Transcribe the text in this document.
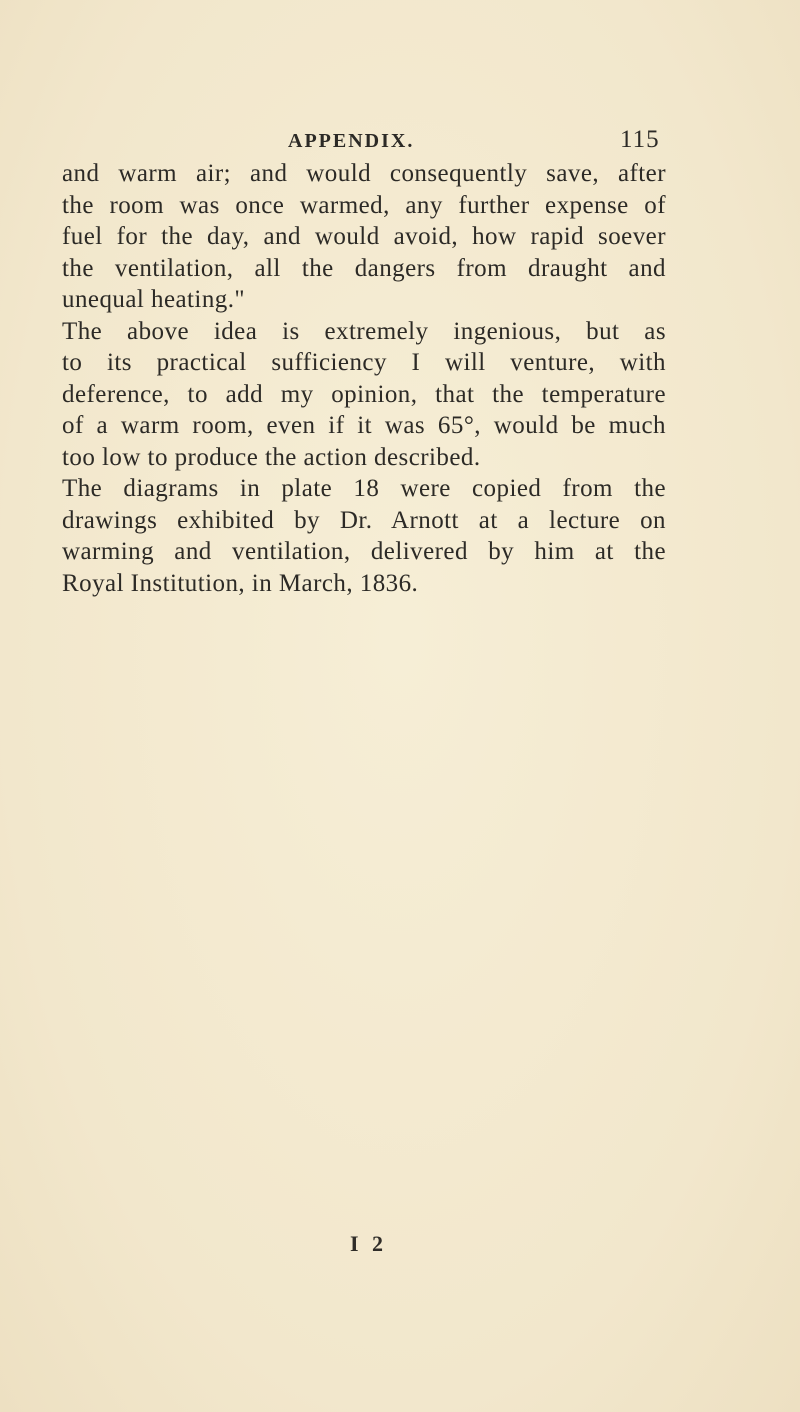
APPENDIX.	115
and warm air; and would consequently save, after
the room was once warmed, any further expense of
fuel for the day, and would avoid, how rapid soever
the ventilation, all the dangers from draught and
unequal heating."
The above idea is extremely ingenious, but as
to its practical sufficiency I will venture, with
deference, to add my opinion, that the temperature
of a warm room, even if it was 65°, would be much
too low to produce the action described.
The diagrams in plate 18 were copied from the
drawings exhibited by Dr. Arnott at a lecture on
warming and ventilation, delivered by him at the
Royal Institution, in March, 1836.
I 2
